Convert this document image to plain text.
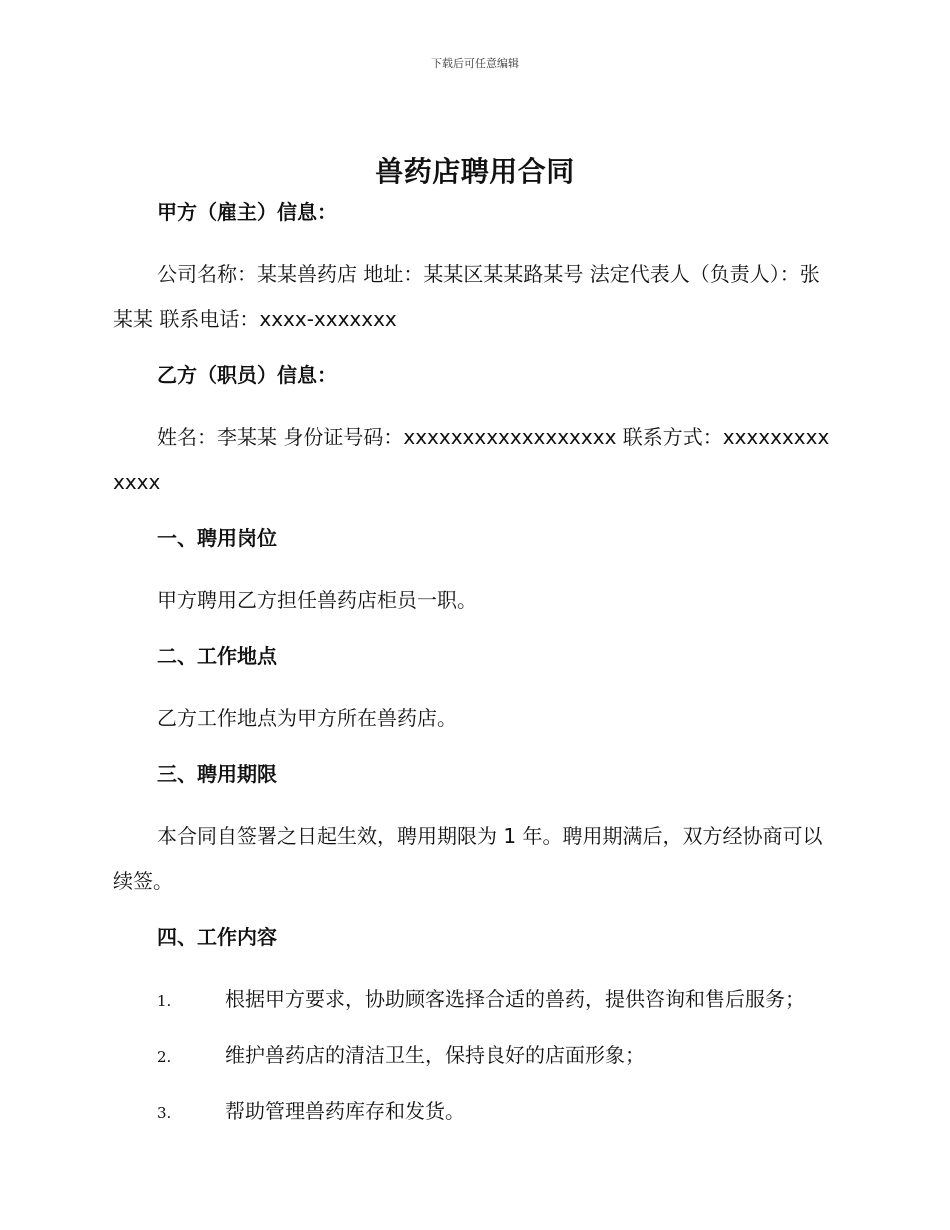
下载后可任意编辑
兽药店聘用合同
甲方（雇主）信息：
公司名称：某某兽药店 地址：某某区某某路某号 法定代表人（负责人）：张某某 联系电话：xxxx-xxxxxxx
乙方（职员）信息：
姓名：李某某 身份证号码：xxxxxxxxxxxxxxxxxx 联系方式：xxxxxxxxxxxxx
一、聘用岗位
甲方聘用乙方担任兽药店柜员一职。
二、工作地点
乙方工作地点为甲方所在兽药店。
三、聘用期限
本合同自签署之日起生效，聘用期限为 1 年。聘用期满后，双方经协商可以续签。
四、工作内容
1.	根据甲方要求，协助顾客选择合适的兽药，提供咨询和售后服务；
2.	维护兽药店的清洁卫生，保持良好的店面形象；
3.	帮助管理兽药库存和发货。
